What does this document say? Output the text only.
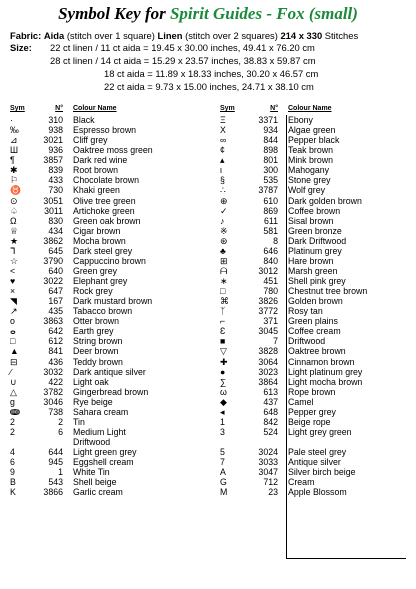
Symbol Key for Spirit Guides - Fox (small)
Fabric: Aida (stitch over 1 square) Linen (stitch over 2 squares) 214 x 330 Stitches
Size: 22 ct linen / 11 ct aida = 19.45 x 30.00 inches, 49.41 x 76.20 cm
28 ct linen / 14 ct aida = 15.29 x 23.57 inches, 38.83 x 59.87 cm
18 ct aida = 11.89 x 18.33 inches, 30.20 x 46.57 cm
22 ct aida = 9.73 x 15.00 inches, 24.71 x 38.10 cm
Sym	N°	Colour Name
·	310	Black
‰	938	Espresso brown
⊿	3021	Cliff grey
Ш	936	Oaktree moss green
¶	3857	Dark red wine
✱	839	Root brown
⚐	433	Chocolate brown
♉	730	Khaki green
⊙	3051	Olive tree green
♤	3011	Artichoke green
Ω	830	Green oak brown
♕	434	Cigar brown
★	3862	Mocha brown
ᒣ	645	Dark steel grey
☆	3790	Cappuccino brown
<	640	Green grey
♥	3022	Elephant grey
×	647	Rock grey
◥	167	Dark mustard brown
↗	435	Tabacco brown
o	3863	Otter brown
ⴰ	642	Earth grey
□	612	String brown
▲	841	Deer brown
⊟	436	Teddy brown
∕	3032	Dark antique silver
∪	422	Light oak
△	3782	Gingerbread brown
g	3046	Rye beige
ↈ	738	Sahara cream
2	2	Tin
2	6	Medium Light
Driftwood
4	644	Light green grey
6	945	Eggshell cream
9	1	White Tin
B	543	Shell beige
K	3866	Garlic cream
Sym	N°	Colour Name
Ξ	3371	Ebony
X	934	Algae green
∞	844	Pepper black
¢	898	Teak brown
▴	801	Mink brown
ι	300	Mahogany
§	535	Stone grey
∴	3787	Wolf grey
⊕	610	Dark golden brown
✓	869	Coffee brown
♪	611	Sisal brown
※	581	Green bronze
⊛	8	Dark Driftwood
♣	646	Platinum grey
⊞	840	Hare brown
ᗩ	3012	Marsh green
∗	451	Shell pink grey
□	780	Chestnut tree brown
⌘	3826	Golden brown
ᛉ	3772	Rosy tan
⌐	371	Green plains
Ɛ	3045	Coffee cream
■	7	Driftwood
▽	3828	Oaktree brown
✚	3064	Cinnamon brown
●	3023	Light platinum grey
∑	3864	Light mocha brown
ω	613	Rope brown
◆	437	Camel
◂	648	Pepper grey
1	842	Beige rope
3	524	Light grey green
5	3024	Pale steel grey
7	3033	Antique silver
A	3047	Silver birch beige
G	712	Cream
M	23	Apple Blossom
